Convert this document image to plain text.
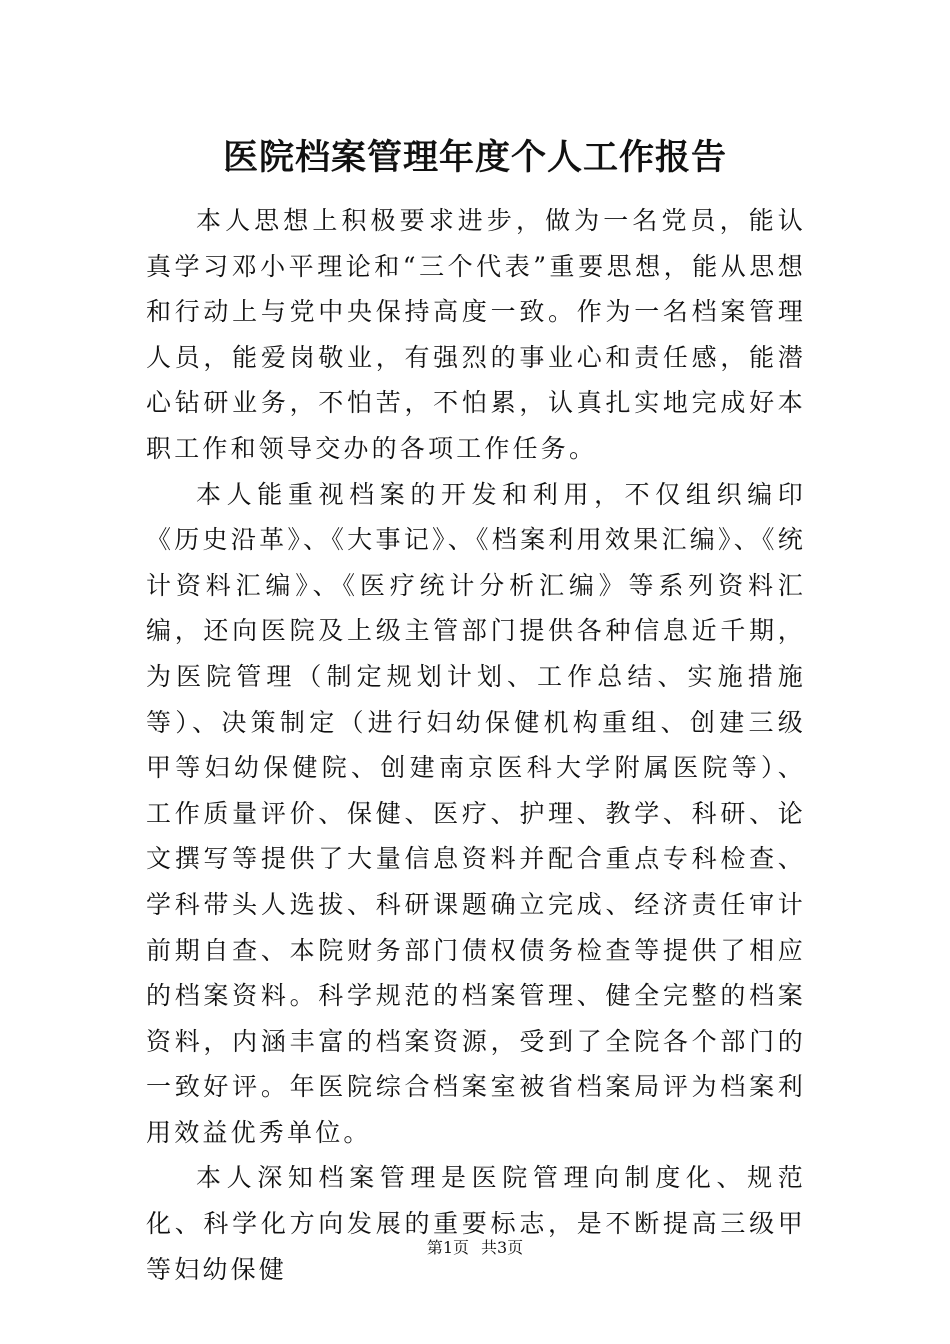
医院档案管理年度个人工作报告

本人思想上积极要求进步，做为一名党员，能认真学习邓小平理论和“三个代表”重要思想，能从思想和行动上与党中央保持高度一致。作为一名档案管理人员，能爱岗敬业，有强烈的事业心和责任感，能潜心钻研业务，不怕苦，不怕累，认真扎实地完成好本职工作和领导交办的各项工作任务。

本人能重视档案的开发和利用，不仅组织编印《历史沿革》、《大事记》、《档案利用效果汇编》、《统计资料汇编》、《医疗统计分析汇编》等系列资料汇编，还向医院及上级主管部门提供各种信息近千期，为医院管理（制定规划计划、工作总结、实施措施等）、决策制定（进行妇幼保健机构重组、创建三级甲等妇幼保健院、创建南京医科大学附属医院等）、工作质量评价、保健、医疗、护理、教学、科研、论文撰写等提供了大量信息资料并配合重点专科检查、学科带头人选拔、科研课题确立完成、经济责任审计前期自查、本院财务部门债权债务检查等提供了相应的档案资料。科学规范的档案管理、健全完整的档案资料，内涵丰富的档案资源，受到了全院各个部门的一致好评。年医院综合档案室被省档案局评为档案利用效益优秀单位。

本人深知档案管理是医院管理向制度化、规范化、科学化方向发展的重要标志，是不断提高三级甲等妇幼保健

第1页 共3页
